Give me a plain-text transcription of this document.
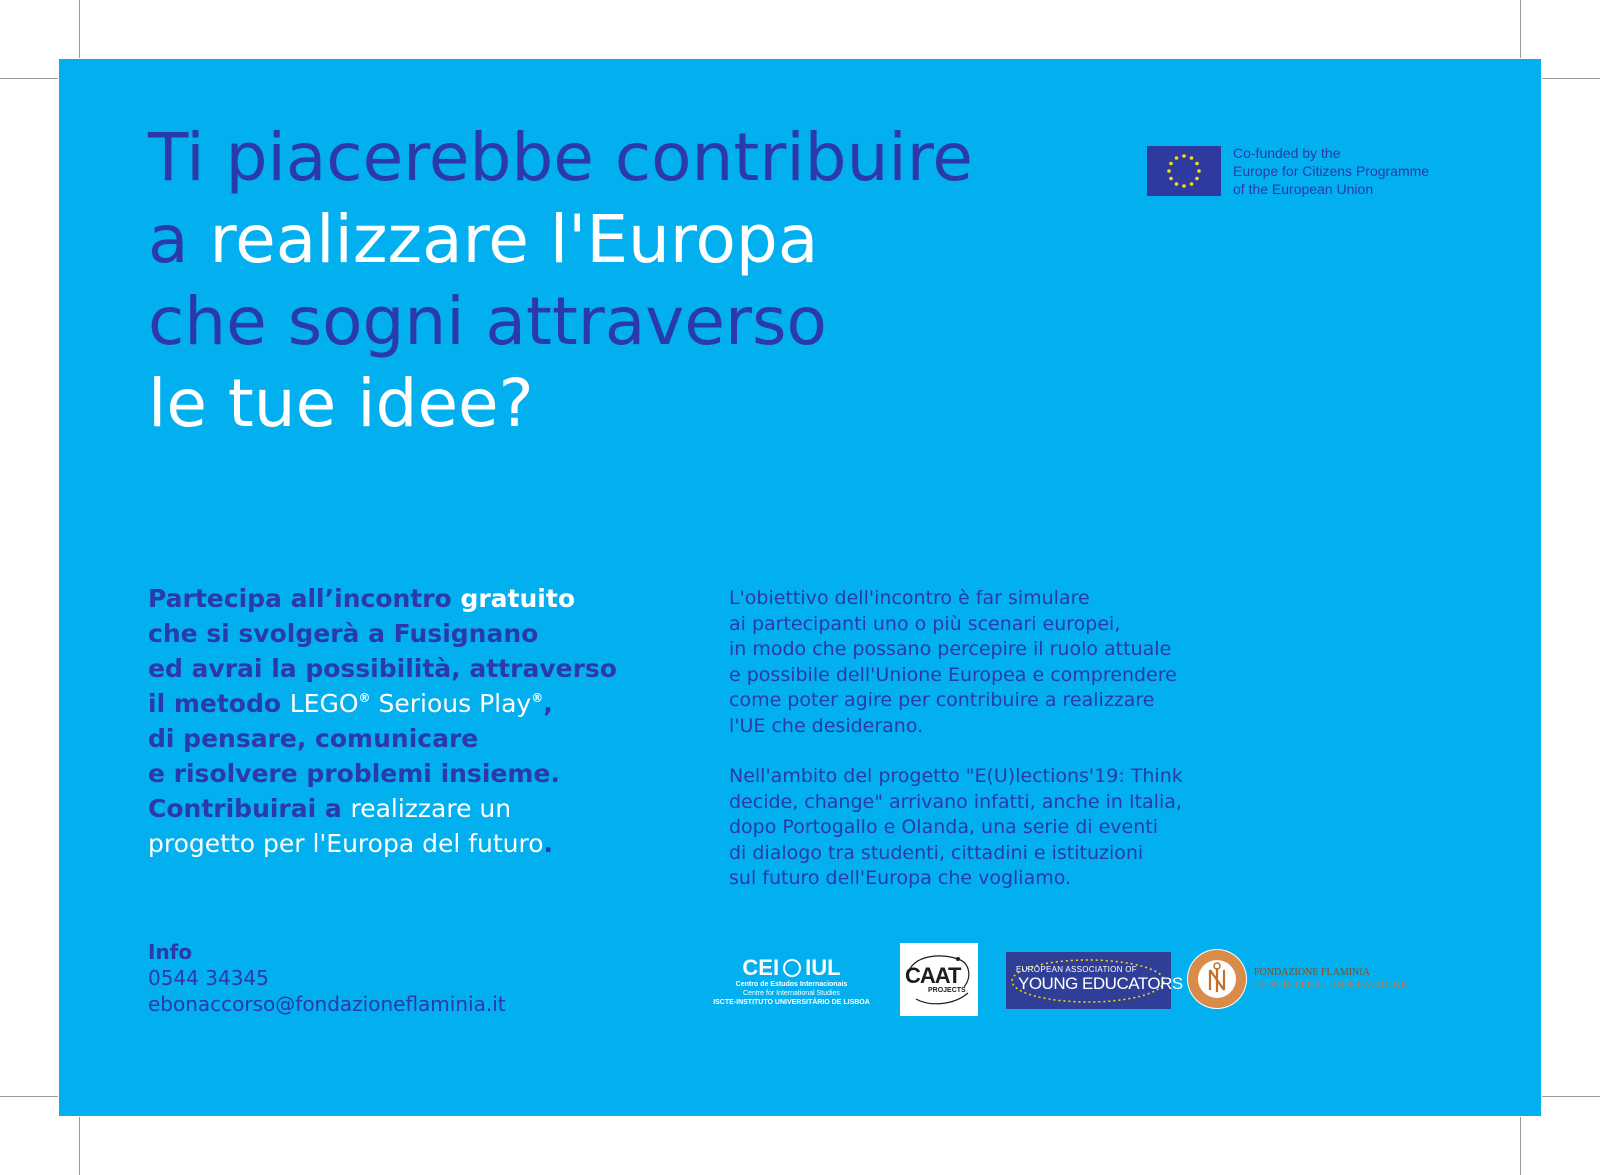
Ti piacerebbe contribuire
a realizzare l'Europa
che sogni attraverso
le tue idee?
Co-funded by the
Europe for Citizens Programme
of the European Union
Partecipa all’incontro gratuito
che si svolgerà a Fusignano
ed avrai la possibilità, attraverso
il metodo LEGO® Serious Play®,
di pensare, comunicare
e risolvere problemi insieme.
Contribuirai a realizzare un
progetto per l'Europa del futuro.

L'obiettivo dell'incontro è far simulare
ai partecipanti uno o più scenari europei,
in modo che possano percepire il ruolo attuale
e possibile dell'Unione Europea e comprendere
come poter agire per contribuire a realizzare
l'UE che desiderano.

Nell'ambito del progetto "E(U)lections'19: Think
decide, change" arrivano infatti, anche in Italia,
dopo Portogallo e Olanda, una serie di eventi
di dialogo tra studenti, cittadini e istituzioni
sul futuro dell'Europa che vogliamo.

Info
0544 34345
ebonaccorso@fondazioneflaminia.it
CEI IUL
Centro de Estudos Internacionais
Centre for International Studies
ISCTE-INSTITUTO UNIVERSITÁRIO DE LISBOA
CAAT
PROJECTS
EUROPEAN ASSOCIATION OF
YOUNG EDUCATORS
FONDAZIONE FLAMINIA
CENTRO PER L'INNOVAZIONE
